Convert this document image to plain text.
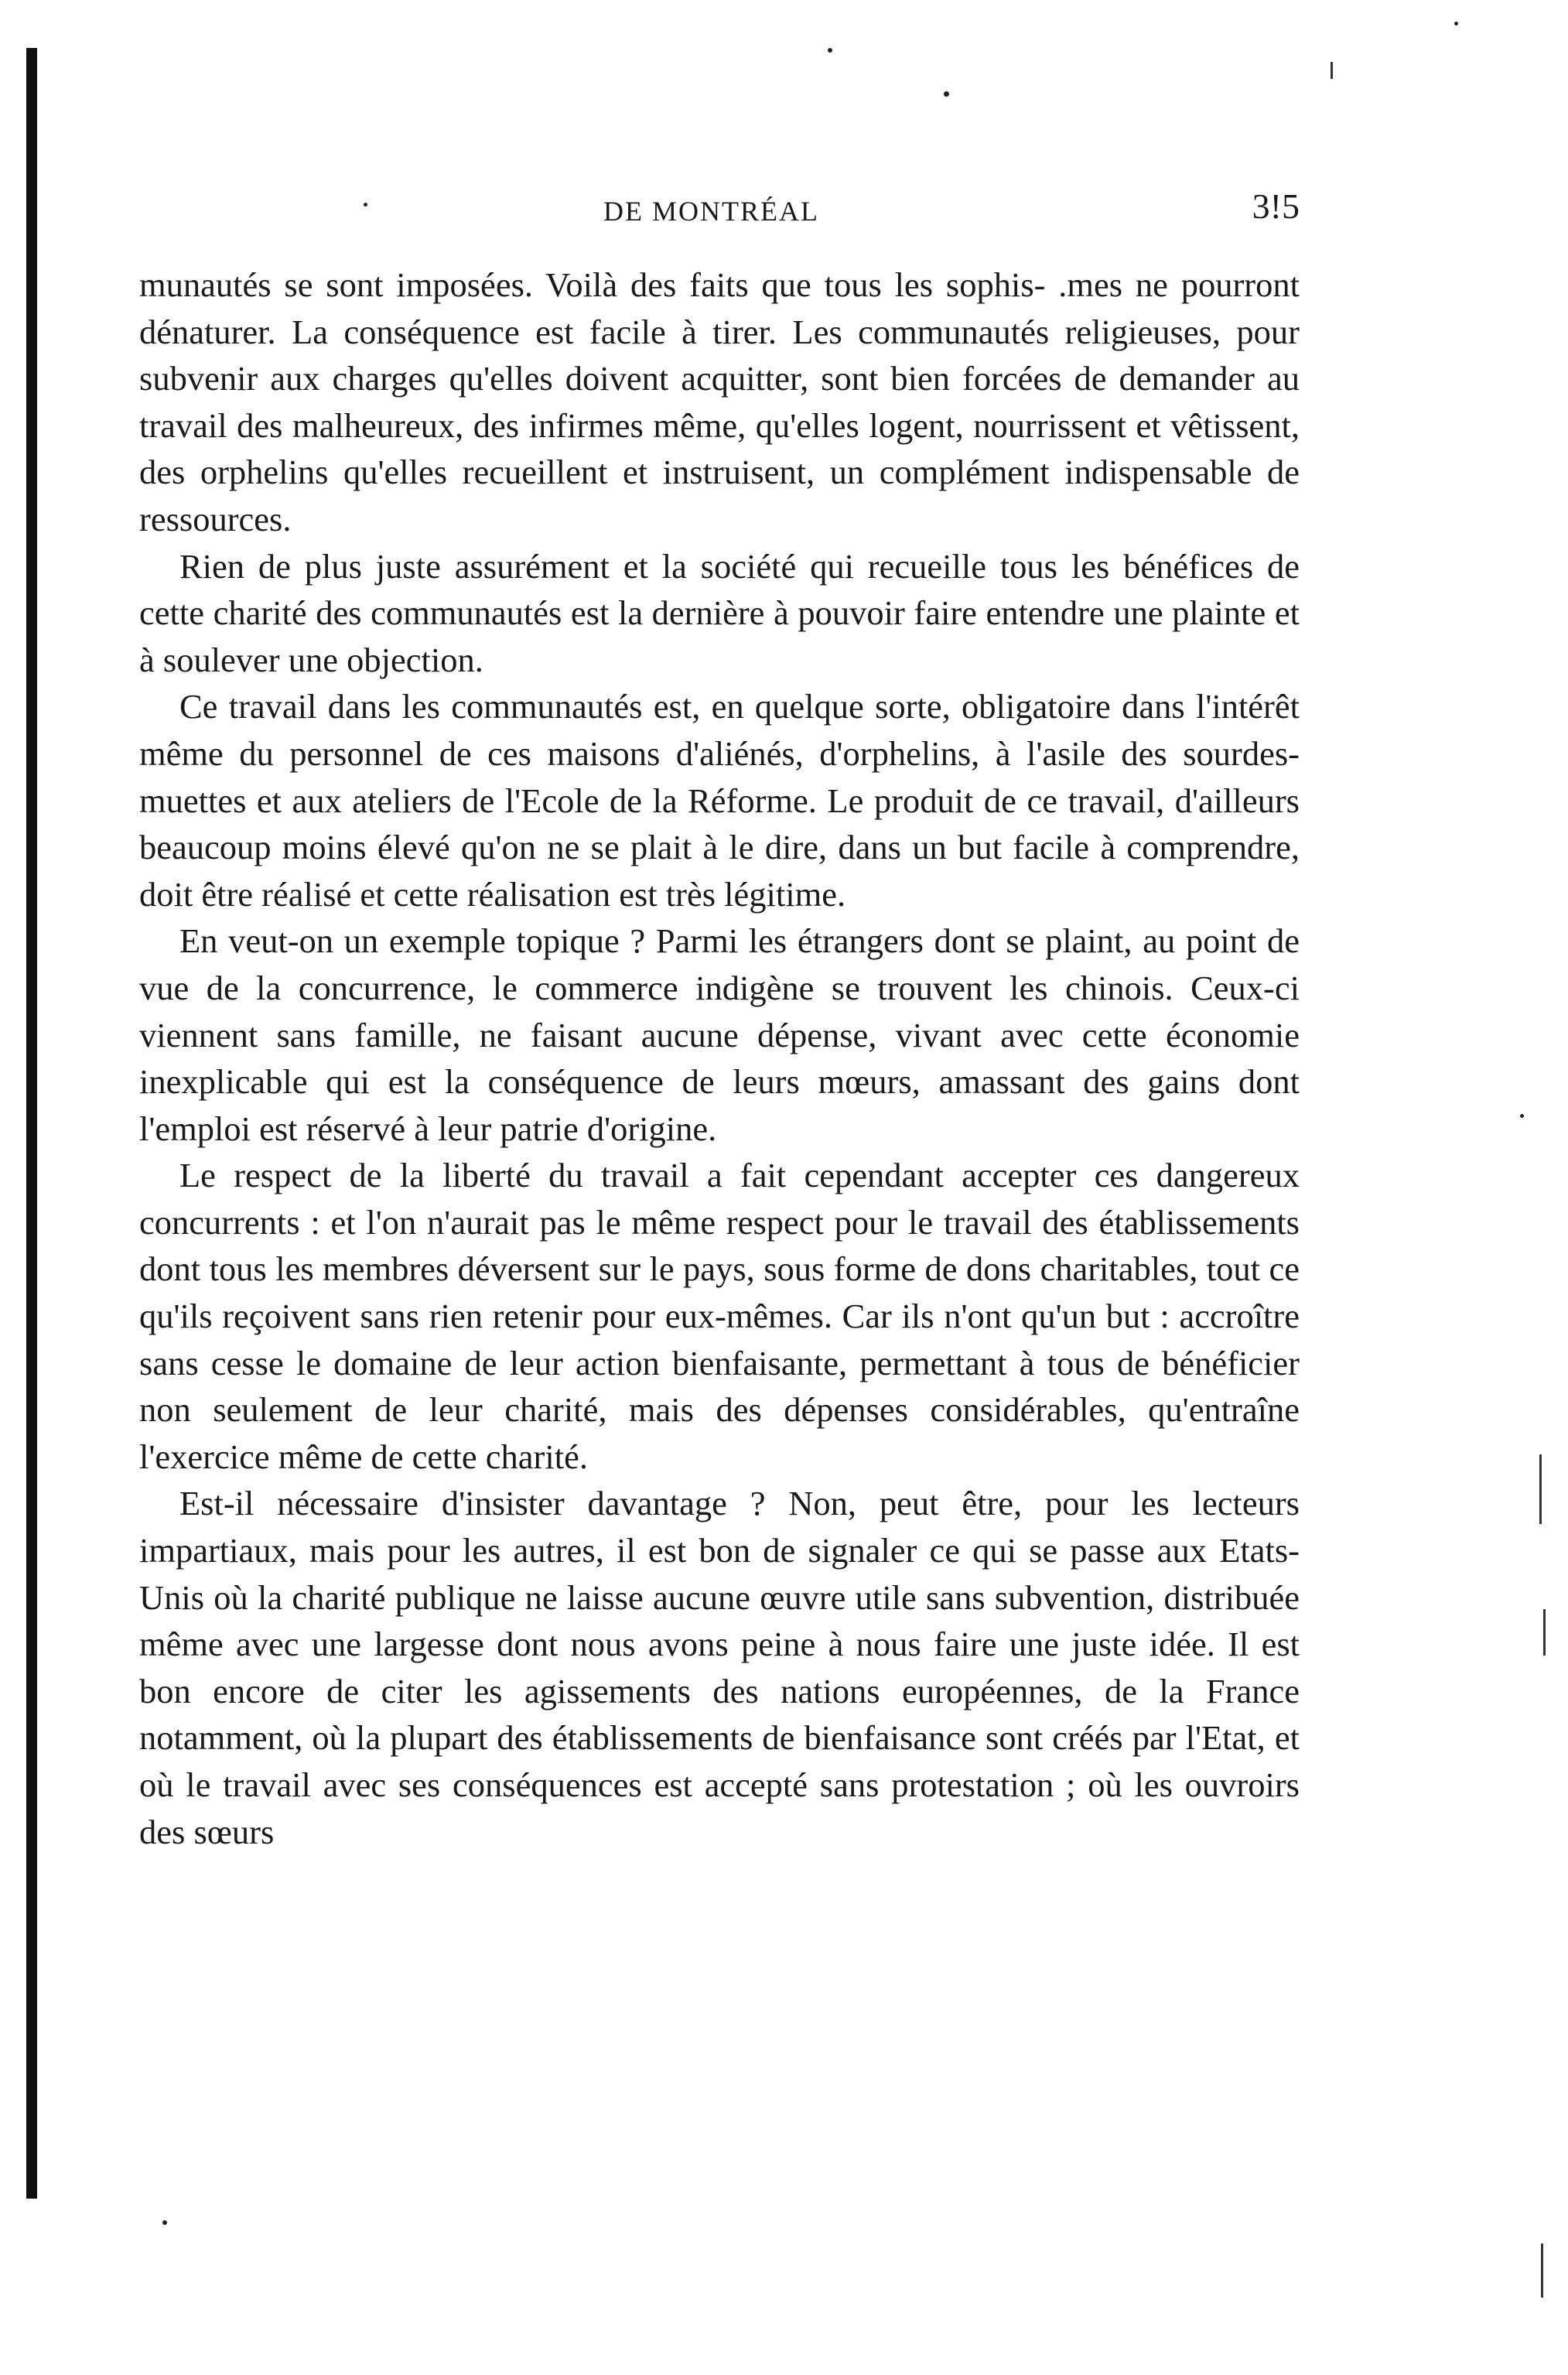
DE MONTRÉAL	3!5

munautés se sont imposées. Voilà des faits que tous les sophis- .mes ne pourront dénaturer. La conséquence est facile à tirer. Les communautés religieuses, pour subvenir aux charges qu'elles doivent acquitter, sont bien forcées de demander au travail des malheureux, des infirmes même, qu'elles logent, nourrissent et vêtissent, des orphelins qu'elles recueillent et instruisent, un complément indispensable de ressources.

Rien de plus juste assurément et la société qui recueille tous les bénéfices de cette charité des communautés est la dernière à pouvoir faire entendre une plainte et à soulever une objection.

Ce travail dans les communautés est, en quelque sorte, obligatoire dans l'intérêt même du personnel de ces maisons d'aliénés, d'orphelins, à l'asile des sourdes-muettes et aux ateliers de l'Ecole de la Réforme. Le produit de ce travail, d'ailleurs beaucoup moins élevé qu'on ne se plait à le dire, dans un but facile à comprendre, doit être réalisé et cette réalisation est très légitime.

En veut-on un exemple topique ? Parmi les étrangers dont se plaint, au point de vue de la concurrence, le commerce indigène se trouvent les chinois. Ceux-ci viennent sans famille, ne faisant aucune dépense, vivant avec cette économie inexplicable qui est la conséquence de leurs mœurs, amassant des gains dont l'emploi est réservé à leur patrie d'origine.

Le respect de la liberté du travail a fait cependant accepter ces dangereux concurrents : et l'on n'aurait pas le même respect pour le travail des établissements dont tous les membres déversent sur le pays, sous forme de dons charitables, tout ce qu'ils reçoivent sans rien retenir pour eux-mêmes. Car ils n'ont qu'un but : accroître sans cesse le domaine de leur action bienfaisante, permettant à tous de bénéficier non seulement de leur charité, mais des dépenses considérables, qu'entraîne l'exercice même de cette charité.

Est-il nécessaire d'insister davantage ? Non, peut être, pour les lecteurs impartiaux, mais pour les autres, il est bon de signaler ce qui se passe aux Etats-Unis où la charité publique ne laisse aucune œuvre utile sans subvention, distribuée même avec une largesse dont nous avons peine à nous faire une juste idée. Il est bon encore de citer les agissements des nations européennes, de la France notamment, où la plupart des établissements de bienfaisance sont créés par l'Etat, et où le travail avec ses conséquences est accepté sans protestation ; où les ouvroirs des sœurs
